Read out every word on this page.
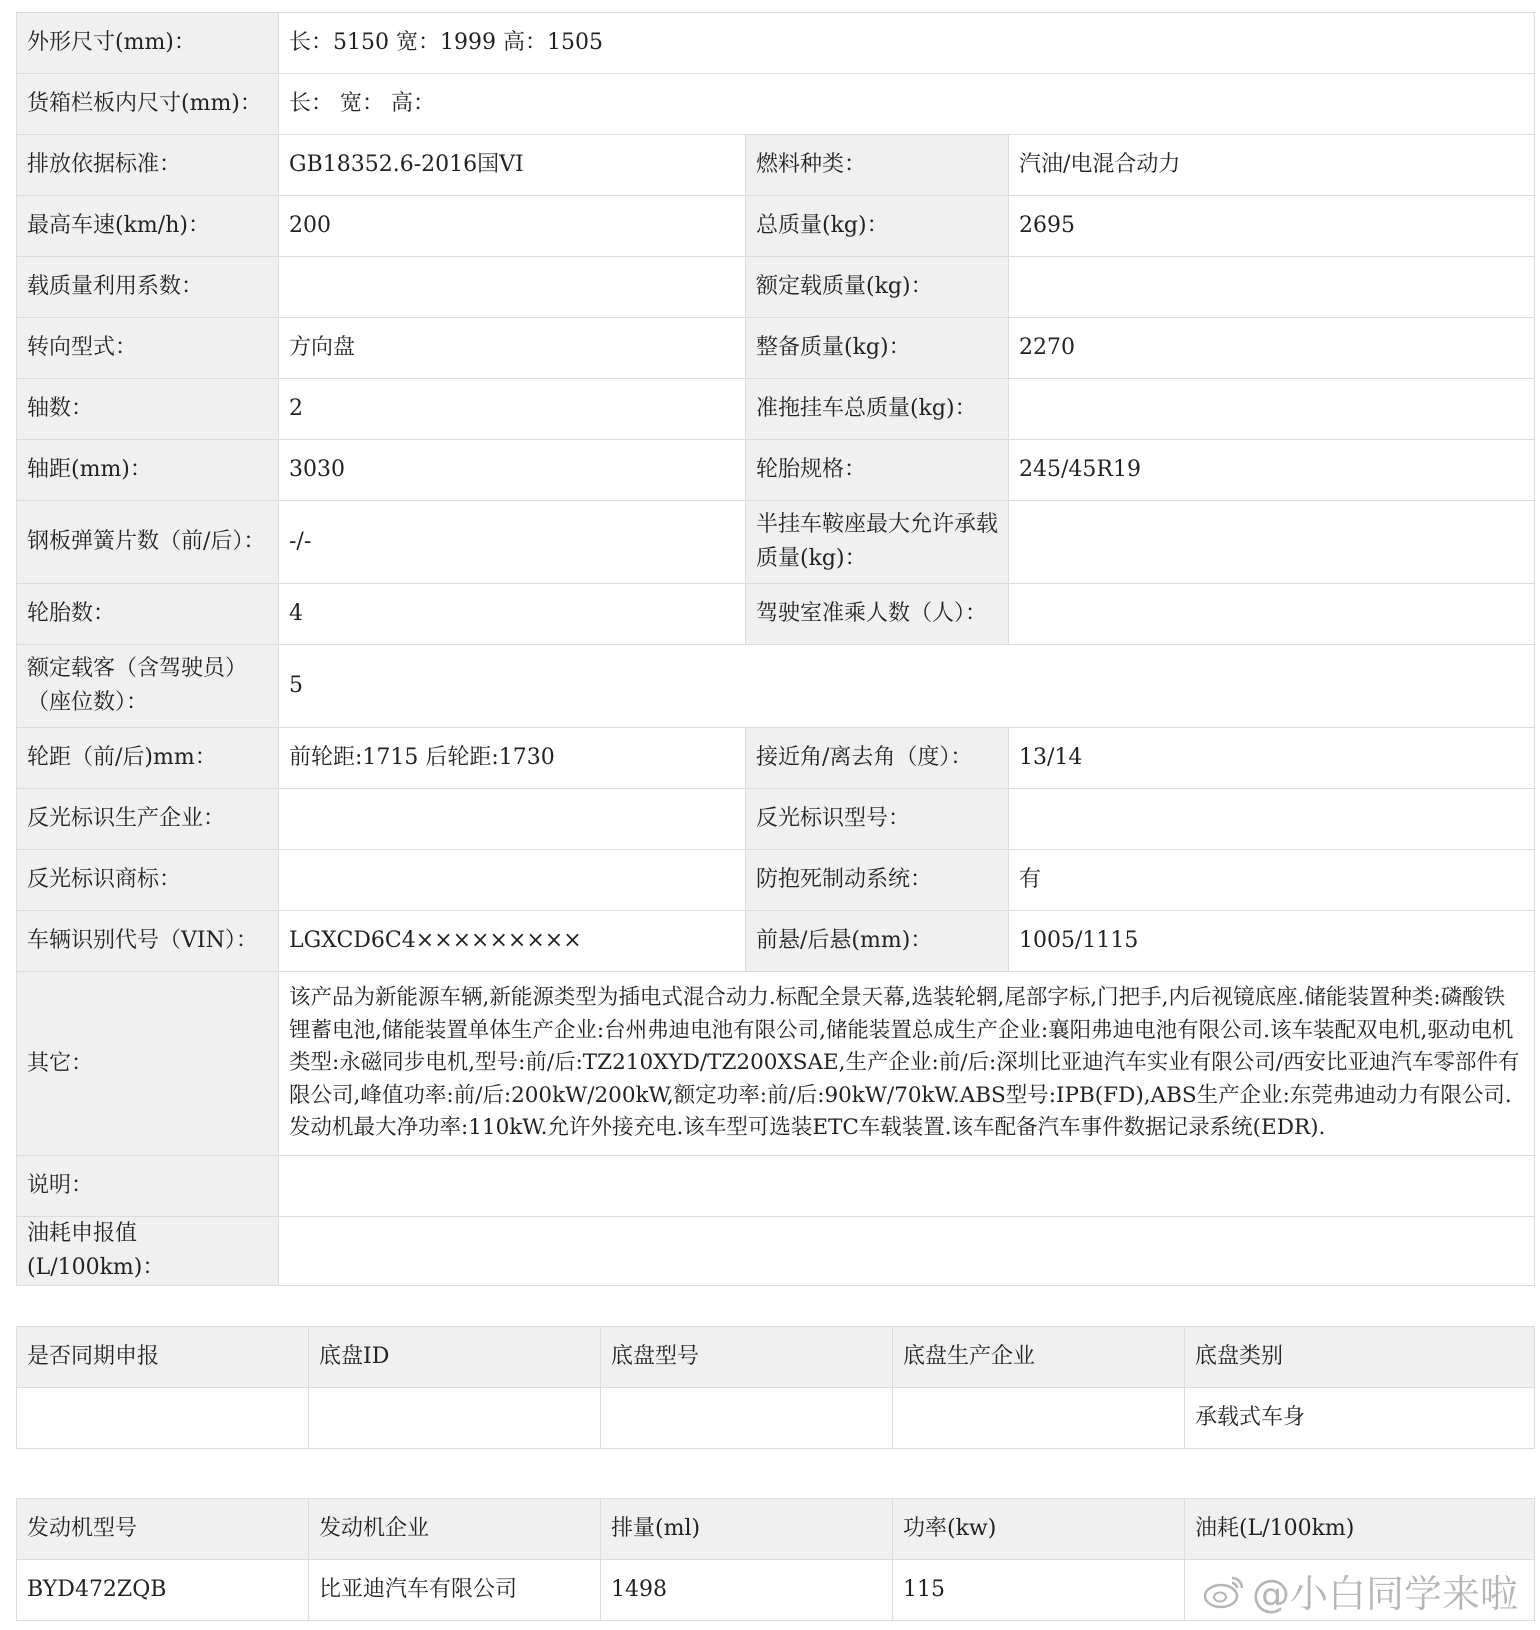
外形尺寸(mm)：	长：5150 宽：1999 高：1505		
货箱栏板内尺寸(mm)：	长： 宽： 高：		
排放依据标准：	GB18352.6-2016国VI	燃料种类：	汽油/电混合动力
最高车速(km/h)：	200	总质量(kg)：	2695
载质量利用系数：		额定载质量(kg)：	
转向型式：	方向盘	整备质量(kg)：	2270
轴数：	2	准拖挂车总质量(kg)：	
轴距(mm)：	3030	轮胎规格：	245/45R19
钢板弹簧片数（前/后）：	-/-	半挂车鞍座最大允许承载质量(kg)：	
轮胎数：	4	驾驶室准乘人数（人）：	
额定载客（含驾驶员）（座位数）：	5		
轮距（前/后)mm：	前轮距:1715 后轮距:1730	接近角/离去角（度）：	13/14
反光标识生产企业：		反光标识型号：	
反光标识商标：		防抱死制动系统：	有
车辆识别代号（VIN）：	LGXCD6C4×××××××××	前悬/后悬(mm)：	1005/1115
其它：	该产品为新能源车辆,新能源类型为插电式混合动力.标配全景天幕,选装轮辋,尾部字标,门把手,内后视镜底座.储能装置种类:磷酸铁锂蓄电池,储能装置单体生产企业:台州弗迪电池有限公司,储能装置总成生产企业:襄阳弗迪电池有限公司.该车装配双电机,驱动电机类型:永磁同步电机,型号:前/后:TZ210XYD/TZ200XSAE,生产企业:前/后:深圳比亚迪汽车实业有限公司/西安比亚迪汽车零部件有限公司,峰值功率:前/后:200kW/200kW,额定功率:前/后:90kW/70kW.ABS型号:IPB(FD),ABS生产企业:东莞弗迪动力有限公司.发动机最大净功率:110kW.允许外接充电.该车型可选装ETC车载装置.该车配备汽车事件数据记录系统(EDR).		
说明：			
油耗申报值(L/100km)：			
是否同期申报	底盘ID	底盘型号	底盘生产企业	底盘类别
				承载式车身
发动机型号	发动机企业	排量(ml)	功率(kw)	油耗(L/100km)
BYD472ZQB	比亚迪汽车有限公司	1498	115		@小白同学来啦
